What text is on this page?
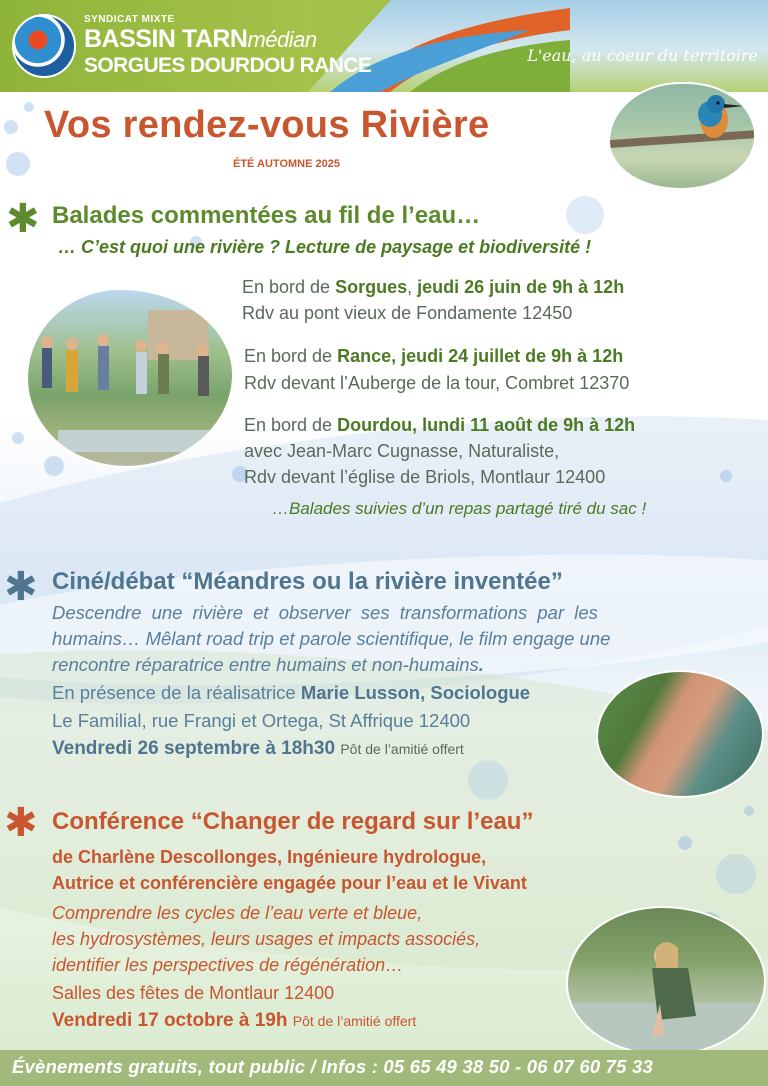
SYNDICAT MIXTE
BASSIN TARNmédian
SORGUES DOURDOU RANCE	L'eau, au coeur du territoire
Vos rendez-vous Rivière
ÉTÉ AUTOMNE 2025
✱ Balades commentées au fil de l’eau…
… C’est quoi une rivière ? Lecture de paysage et biodiversité !
En bord de Sorgues, jeudi 26 juin de 9h à 12h
Rdv au pont vieux de Fondamente 12450
En bord de Rance, jeudi 24 juillet de 9h à 12h
Rdv devant l’Auberge de la tour, Combret 12370
En bord de Dourdou, lundi 11 août de 9h à 12h
avec Jean-Marc Cugnasse, Naturaliste,
Rdv devant l’église de Briols, Montlaur 12400
…Balades suivies d’un repas partagé tiré du sac !
✱ Ciné/débat “Méandres ou la rivière inventée”
Descendre une rivière et observer ses transformations par les
humains… Mêlant road trip et parole scientifique, le film engage une
rencontre réparatrice entre humains et non-humains.
En présence de la réalisatrice Marie Lusson, Sociologue
Le Familial, rue Frangi et Ortega, St Affrique 12400
Vendredi 26 septembre à 18h30 Pôt de l’amitié offert
✱ Conférence “Changer de regard sur l’eau”
de Charlène Descollonges, Ingénieure hydrologue,
Autrice et conférencière engagée pour l’eau et le Vivant
Comprendre les cycles de l’eau verte et bleue,
les hydrosystèmes, leurs usages et impacts associés,
identifier les perspectives de régénération…
Salles des fêtes de Montlaur 12400
Vendredi 17 octobre à 19h Pôt de l’amitié offert
Évènements gratuits, tout public / Infos : 05 65 49 38 50 - 06 07 60 75 33
